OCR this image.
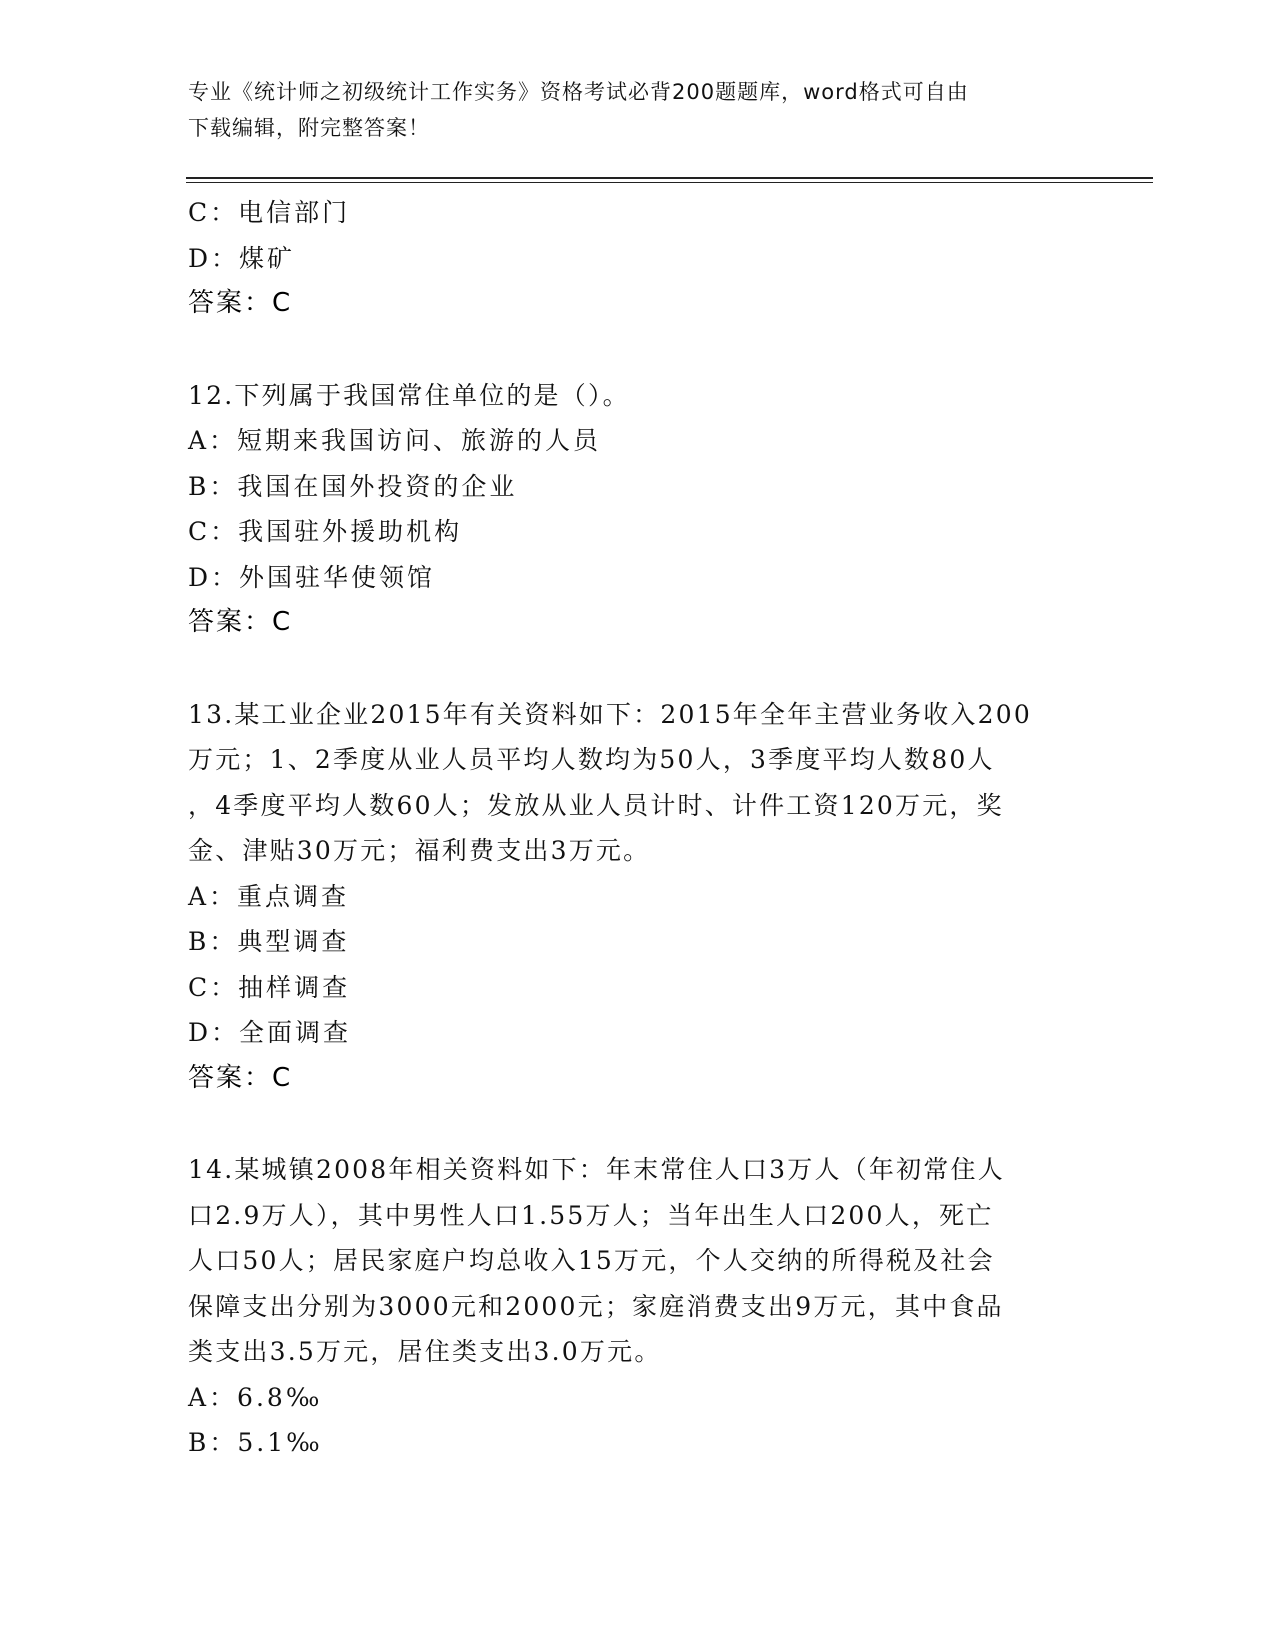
专业《统计师之初级统计工作实务》资格考试必背200题题库，word格式可自由
下载编辑，附完整答案！
C：电信部门
D：煤矿
答案：C
12.下列属于我国常住单位的是（）。
A：短期来我国访问、旅游的人员
B：我国在国外投资的企业
C：我国驻外援助机构
D：外国驻华使领馆
答案：C
13.某工业企业2015年有关资料如下：2015年全年主营业务收入200
万元；1、2季度从业人员平均人数均为50人，3季度平均人数80人
，4季度平均人数60人；发放从业人员计时、计件工资120万元，奖
金、津贴30万元；福利费支出3万元。
A：重点调查
B：典型调查
C：抽样调查
D：全面调查
答案：C
14.某城镇2008年相关资料如下：年末常住人口3万人（年初常住人
口2.9万人），其中男性人口1.55万人；当年出生人口200人，死亡
人口50人；居民家庭户均总收入15万元，个人交纳的所得税及社会
保障支出分别为3000元和2000元；家庭消费支出9万元，其中食品
类支出3.5万元，居住类支出3.0万元。
A：6.8‰
B：5.1‰
